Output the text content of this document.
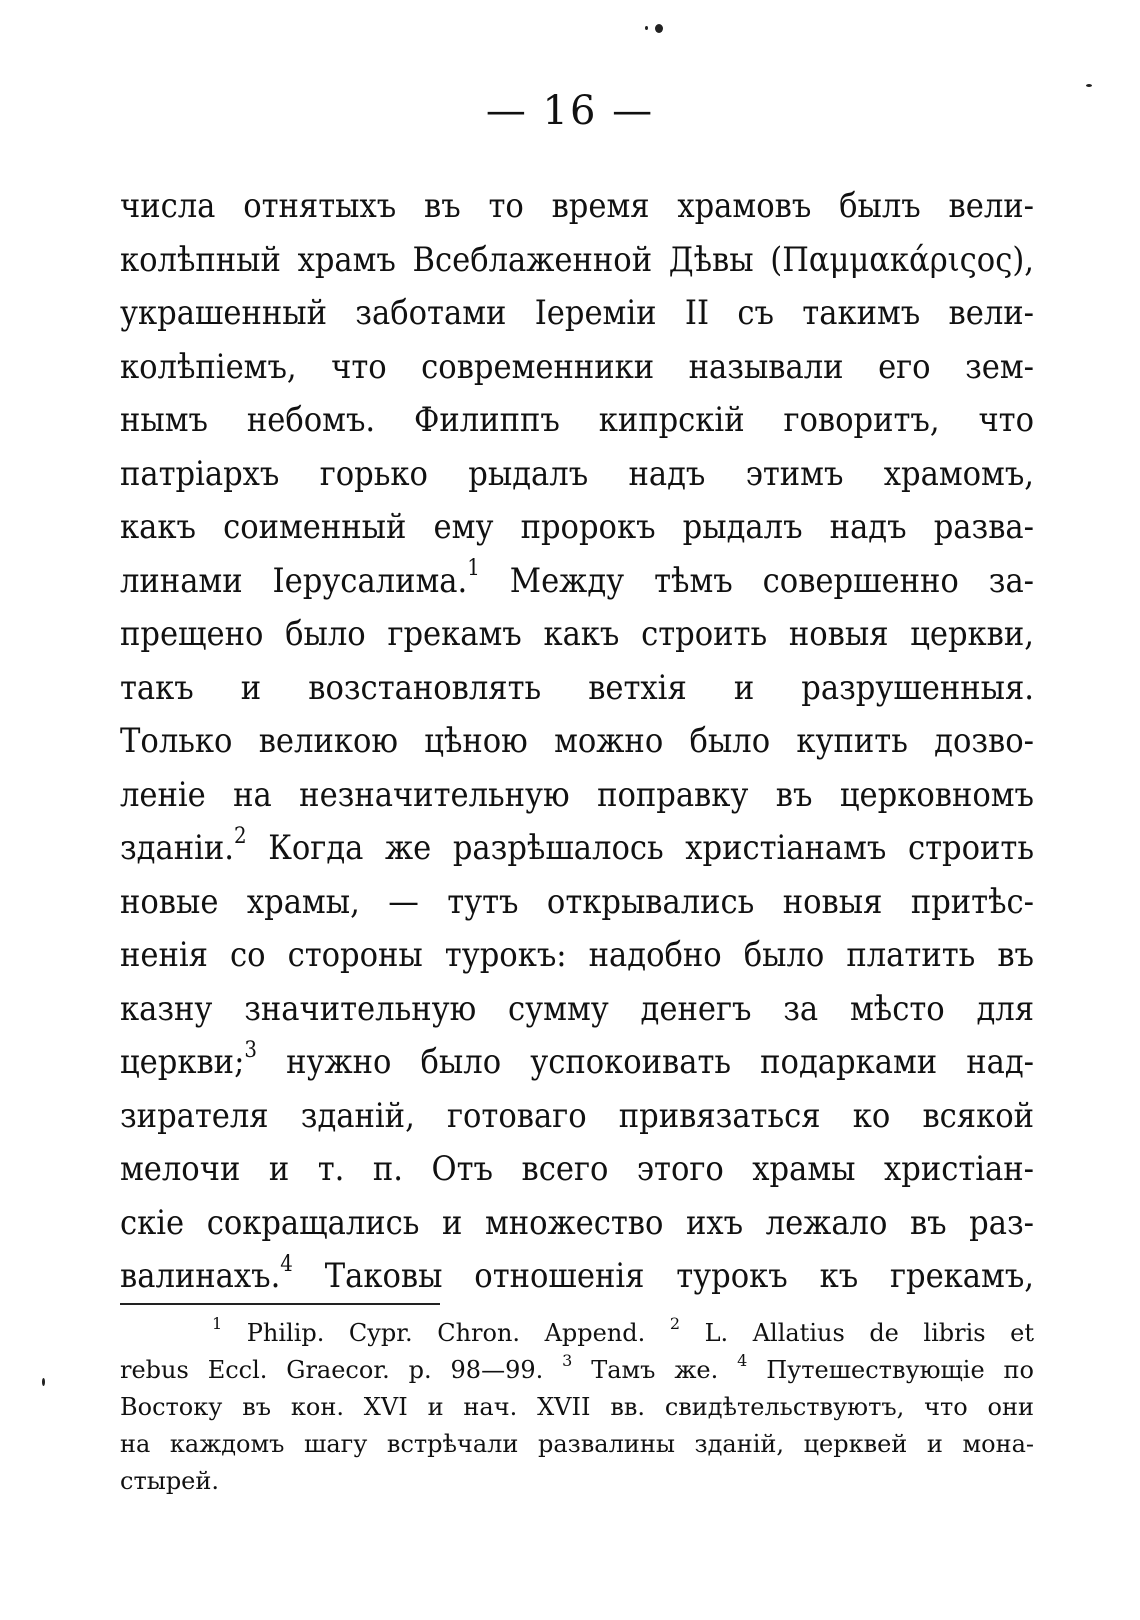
— 16 —
числа отнятыхъ въ то время храмовъ былъ вели-
колѣпный храмъ Всеблаженной Дѣвы (Παμμακάριςος),
украшенный заботами Іереміи II съ такимъ вели-
колѣпіемъ, что современники называли его зем-
нымъ небомъ. Филиппъ кипрскій говоритъ, что
патріархъ горько рыдалъ надъ этимъ храмомъ,
какъ соименный ему пророкъ рыдалъ надъ разва-
линами Іерусалима.$^1$ Между тѣмъ совершенно за-
прещено было грекамъ какъ строить новыя церкви,
такъ и возстановлять ветхія и разрушенныя.
Только великою цѣною можно было купить дозво-
леніе на незначительную поправку въ церковномъ
зданіи.$^2$ Когда же разрѣшалось христіанамъ строить
новые храмы, — тутъ открывались новыя притѣс-
ненія со стороны турокъ: надобно было платить въ
казну значительную сумму денегъ за мѣсто для
церкви;$^3$ нужно было успокоивать подарками над-
зирателя зданій, готоваго привязаться ко всякой
мелочи и т. п. Отъ всего этого храмы христіан-
скіе сокращались и множество ихъ лежало въ раз-
валинахъ.$^4$ Таковы отношенія турокъ къ грекамъ,
$^1$ Philip. Cypr. Chron. Append. $^2$ L. Allatius de libris et
rebus Eccl. Graecor. p. 98—99. $^3$ Тамъ же. $^4$ Путешествующіе по
Востоку въ кон. XVI и нач. XVII вв. свидѣтельствуютъ, что они
на каждомъ шагу встрѣчали развалины зданій, церквей и мона-
стырей.
